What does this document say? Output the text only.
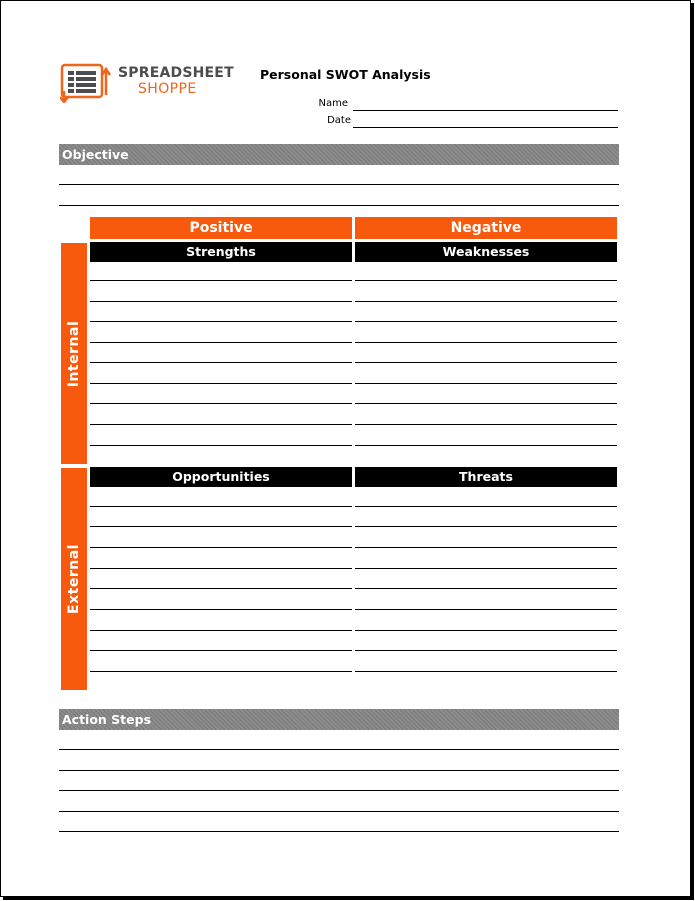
SPREADSHEET
SHOPPE
Personal SWOT Analysis
Name
Date
Objective
Positive	Negative
Internal
Strengths	Weaknesses
External
Opportunities	Threats
Action Steps
